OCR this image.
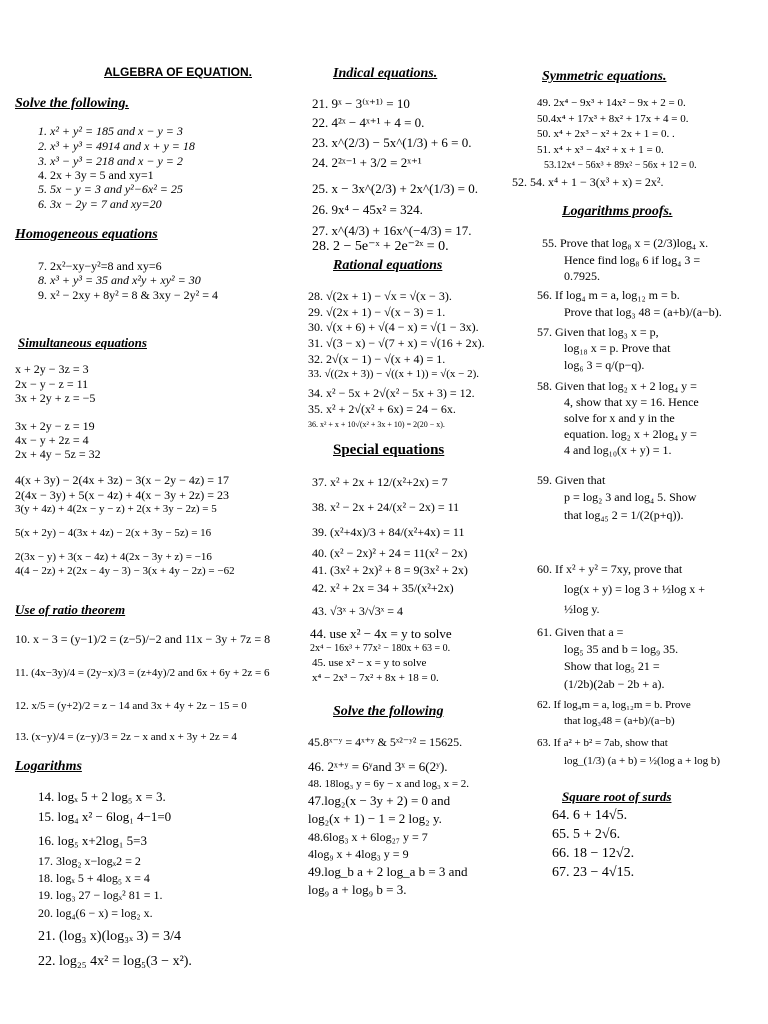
ALGEBRA OF EQUATION.
Solve the following.
1. x² + y² = 185 and x − y = 3
2. x³ + y³ = 4914 and x + y = 18
3. x³ − y³ = 218 and x − y = 2
4. 2x + 3y = 5 and xy=1
5. 5x − y = 3 and y²−6x² = 25
6. 3x − 2y = 7 and xy=20
Homogeneous equations
7. 2x²−xy−y²=8 and xy=6
8. x³ + y³ = 35 and x²y + xy² = 30
9. x² − 2xy + 8y² = 8 & 3xy − 2y² = 4
Simultaneous equations
x + 2y − 3z = 3
2x − y − z = 11
3x + 2y + z = −5
3x + 2y − z = 19
4x − y + 2z = 4
2x + 4y − 5z = 32
4(x + 3y) − 2(4x + 3z) − 3(x − 2y − 4z) = 17
2(4x − 3y) + 5(x − 4z) + 4(x − 3y + 2z) = 23
3(y + 4z) + 4(2x − y − z) + 2(x + 3y − 2z) = 5
5(x + 2y) − 4(3x + 4z) − 2(x + 3y − 5z) = 16
2(3x − y) + 3(x − 4z) + 4(2x − 3y + z) = −16
4(4 − 2z) + 2(2x − 4y − 3) − 3(x + 4y − 2z) = −62
Use of ratio theorem
10. x − 3 = (y−1)/2 = (z−5)/−2 and 11x − 3y + 7z = 8
11. (4x−3y)/4 = (2y−x)/3 = (z+4y)/2 and 6x + 6y + 2z = 6
12. x/5 = (y+2)/2 = z − 14 and 3x + 4y + 2z − 15 = 0
13. (x−y)/4 = (z−y)/3 = 2z − x and x + 3y + 2z = 4
Logarithms
14. logₓ 5 + 2 log₅ x = 3.
15. log₄ x² − 6log₁ 4−1=0
16. log₅ x+2log₁ 5=3
17. 3log₂ x−logₓ2 = 2
18. logₓ 5 + 4log₅ x = 4
19. log₃ 27 − logₓ² 81 = 1.
20. log₄(6 − x) = log₂ x.
21. (log₃ x)(log₃ₓ 3) = 3/4
22. log₂₅ 4x² = log₅(3 − x²).
Indical equations.
21. 9ˣ − 3⁽ˣ⁺¹⁾ = 10
22. 4²ˣ − 4ˣ⁺¹ + 4 = 0.
23. x^(2/3) − 5x^(1/3) + 6 = 0.
24. 2²ˣ⁻¹ + 3/2 = 2ˣ⁺¹
25. x − 3x^(2/3) + 2x^(1/3) = 0.
26. 9x⁴ − 45x² = 324.
27. x^(4/3) + 16x^(−4/3) = 17.
28. 2 − 5e⁻ˣ + 2e⁻²ˣ = 0.
Rational equations
28. √(2x + 1) − √x = √(x − 3).
29. √(2x + 1) − √(x − 3) = 1.
30. √(x + 6) + √(4 − x) = √(1 − 3x).
31. √(3 − x) − √(7 + x) = √(16 + 2x).
32. 2√(x − 1) − √(x + 4) = 1.
33. √((2x + 3)) − √((x + 1)) = √(x − 2).
34. x² − 5x + 2√(x² − 5x + 3) = 12.
35. x² + 2√(x² + 6x) = 24 − 6x.
36. x² + x + 10√(x² + 3x + 10) = 2(20 − x).
Special equations
37. x² + 2x + 12/(x²+2x) = 7
38. x² − 2x + 24/(x² − 2x) = 11
39. (x²+4x)/3 + 84/(x²+4x) = 11
40. (x² − 2x)² + 24 = 11(x² − 2x)
41. (3x² + 2x)² + 8 = 9(3x² + 2x)
42. x² + 2x = 34 + 35/(x²+2x)
43. √3ˣ + 3/√3ˣ = 4
44. use x² − 4x = y to solve
2x⁴ − 16x³ + 77x² − 180x + 63 = 0.
45. use x² − x = y to solve
x⁴ − 2x³ − 7x² + 8x + 18 = 0.
Solve the following
45.8ˣ⁻ʸ = 4ˣ⁺ʸ & 5ˣ²⁻ʸ² = 15625.
46. 2ˣ⁺ʸ = 6ʸand 3ˣ = 6(2ʸ).
48. 18log₃ y = 6y − x and log₃ x = 2.
47.log₂(x − 3y + 2) = 0 and
log₂(x + 1) − 1 = 2 log₂ y.
48.6log₃ x + 6log₂₇ y = 7
4log₉ x + 4log₃ y = 9
49.log_b a + 2 log_a b = 3 and
log₉ a + log₉ b = 3.
Symmetric equations.
49. 2x⁴ − 9x³ + 14x² − 9x + 2 = 0.
50.4x⁴ + 17x³ + 8x² + 17x + 4 = 0.
50. x⁴ + 2x³ − x² + 2x + 1 = 0. .
51. x⁴ + x³ − 4x² + x + 1 = 0.
53.12x⁴ − 56x³ + 89x² − 56x + 12 = 0.
52. 54. x⁴ + 1 − 3(x³ + x) = 2x².
Logarithms proofs.
55. Prove that log₈ x = (2/3)log₄ x.
Hence find log₈ 6 if log₄ 3 =
0.7925.
56. If log₄ m = a, log₁₂ m = b.
Prove that log₃ 48 = (a+b)/(a−b).
57. Given that log₃ x = p,
log₁₈ x = p. Prove that
log₆ 3 = q/(p−q).
58. Given that log₂ x + 2 log₄ y =
4, show that xy = 16. Hence
solve for x and y in the
equation. log₂ x + 2log₄ y =
4 and log₁₀(x + y) = 1.
59. Given that
p = log₂ 3 and log₄ 5. Show
that log₄₅ 2 = 1/(2(p+q)).
60. If x² + y² = 7xy, prove that
log(x + y) = log 3 + ½log x +
½log y.
61. Given that a =
log₅ 35 and b = log₉ 35.
Show that log₅ 21 =
(1/2b)(2ab − 2b + a).
62. If log₄m = a, log₁₂m = b. Prove
that log₃48 = (a+b)/(a−b)
63. If a² + b² = 7ab, show that
log_(1/3) (a + b) = ½(log a + log b)
Square root of surds
64. 6 + 14√5.
65. 5 + 2√6.
66. 18 − 12√2.
67. 23 − 4√15.
